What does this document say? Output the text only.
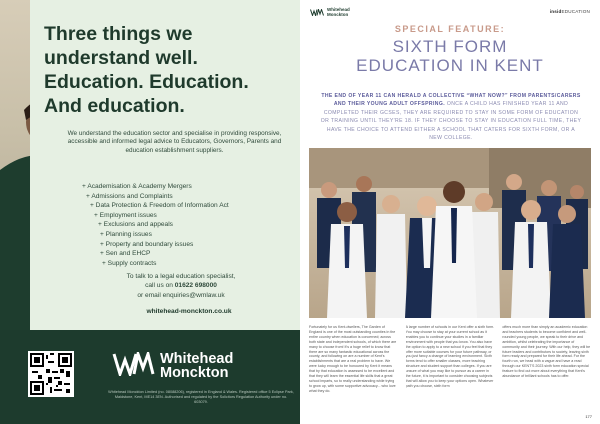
Three things we
understand well.
Education. Education.
And education.

We understand the education sector and specialise in providing responsive, accessible and informed legal advice to Educators, Governors, Parents and education establishment suppliers.

+ Academisation & Academy Mergers
+ Admissions and Complaints
+ Data Protection & Freedom of Information Act
+ Employment issues
+ Exclusions and appeals
+ Planning issues
+ Property and boundary issues
+ Sen and EHCP
+ Supply contracts
To talk to a legal education specialist,
call us on 01622 698000
or email enquiries@wmlaw.uk
whitehead-monckton.co.uk
Whitehead
Monckton

Whitehead Monckton Limited (no. 08088206), registered in England & Wales. Registered office 5 Eclipse Park, Maidstone, Kent, ME14 3EN. Authorised and regulated by the Solicitors Regulation Authority under no. 603079.

Whitehead
Monckton	insidEDUCATION
SPECIAL FEATURE:
SIXTH FORM
EDUCATION IN KENT

THE END OF YEAR 11 CAN HERALD A COLLECTIVE “WHAT NOW?” FROM PARENTS/CARERS AND THEIR YOUNG ADULT OFFSPRING. ONCE A CHILD HAS FINISHED YEAR 11 AND COMPLETED THEIR GCSES, THEY ARE REQUIRED TO STAY IN SOME FORM OF EDUCATION OR TRAINING UNTIL THEY'RE 18. IF THEY CHOOSE TO STAY IN EDUCATION FULL TIME, THEY HAVE THE CHOICE TO ATTEND EITHER A SCHOOL THAT CATERS FOR SIXTH FORM, OR A NEW COLLEGE.

Fortunately for us Kent-dwellers, The Garden of England is one of the most outstanding counties in the entire country when education is concerned; across both state and independent schools, of which there are many to choose from! It's a huge relief to know that there are so many fantastic educational across the county, and following on are a number of Kent's establishments that are a real problem to have. We were lucky enough to be honoured by Kent it means that by that education is assessed to be excellent and that they will learn the essential life skills that a great school imparts, so to really understanding while trying to grow up, with some supportive advocacy... who love what they do.
A large number of schools in our Kent offer a sixth form. You may choose to stay at your current school as it enables you to continue your studies in a familiar environment with people that you know. You also have the option to apply to a new school if you feel that they offer more suitable courses for your future pathway, or you just fancy a change of learning environment. Sixth forms tend to offer smaller classes, more teaching structure and student support than colleges. If you are unsure of what you may like to pursue as a career in the future, it is important to consider choosing subjects that will allow you to keep your options open. Whatever path you choose, sixth form
offers much more than simply an academic education and teachers students to become confident and well-rounded young people, we speak to their drive and ambition, whilst celebrating the importance of community and their journey. With our help, they will be future leaders and contributors to society, leaving sixth form ready and prepared for their life ahead. For the fourth run, we head with a vague and have a read through our KENT'S 2023 sixth form education special feature to find out more about everything that Kent's abundance of brilliant schools has to offer.
177
